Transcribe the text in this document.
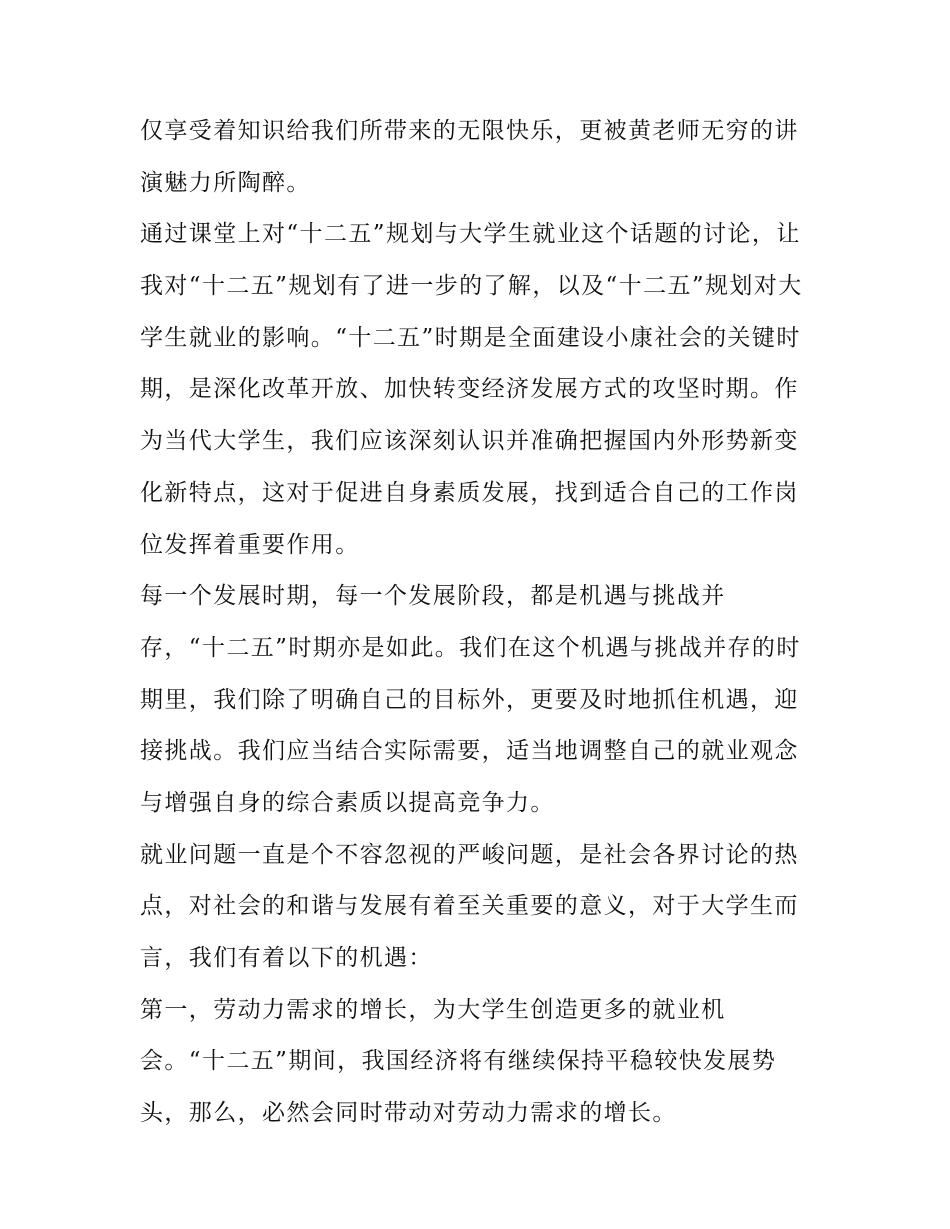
仅享受着知识给我们所带来的无限快乐，更被黄老师无穷的讲
演魅力所陶醉。
通过课堂上对“十二五”规划与大学生就业这个话题的讨论，让
我对“十二五”规划有了进一步的了解，以及“十二五”规划对大
学生就业的影响。“十二五”时期是全面建设小康社会的关键时
期，是深化改革开放、加快转变经济发展方式的攻坚时期。作
为当代大学生，我们应该深刻认识并准确把握国内外形势新变
化新特点，这对于促进自身素质发展，找到适合自己的工作岗
位发挥着重要作用。
每一个发展时期，每一个发展阶段，都是机遇与挑战并
存，“十二五”时期亦是如此。我们在这个机遇与挑战并存的时
期里，我们除了明确自己的目标外，更要及时地抓住机遇，迎
接挑战。我们应当结合实际需要，适当地调整自己的就业观念
与增强自身的综合素质以提高竞争力。
就业问题一直是个不容忽视的严峻问题，是社会各界讨论的热
点，对社会的和谐与发展有着至关重要的意义，对于大学生而
言，我们有着以下的机遇：
第一，劳动力需求的增长，为大学生创造更多的就业机
会。“十二五”期间，我国经济将有继续保持平稳较快发展势
头，那么，必然会同时带动对劳动力需求的增长。
